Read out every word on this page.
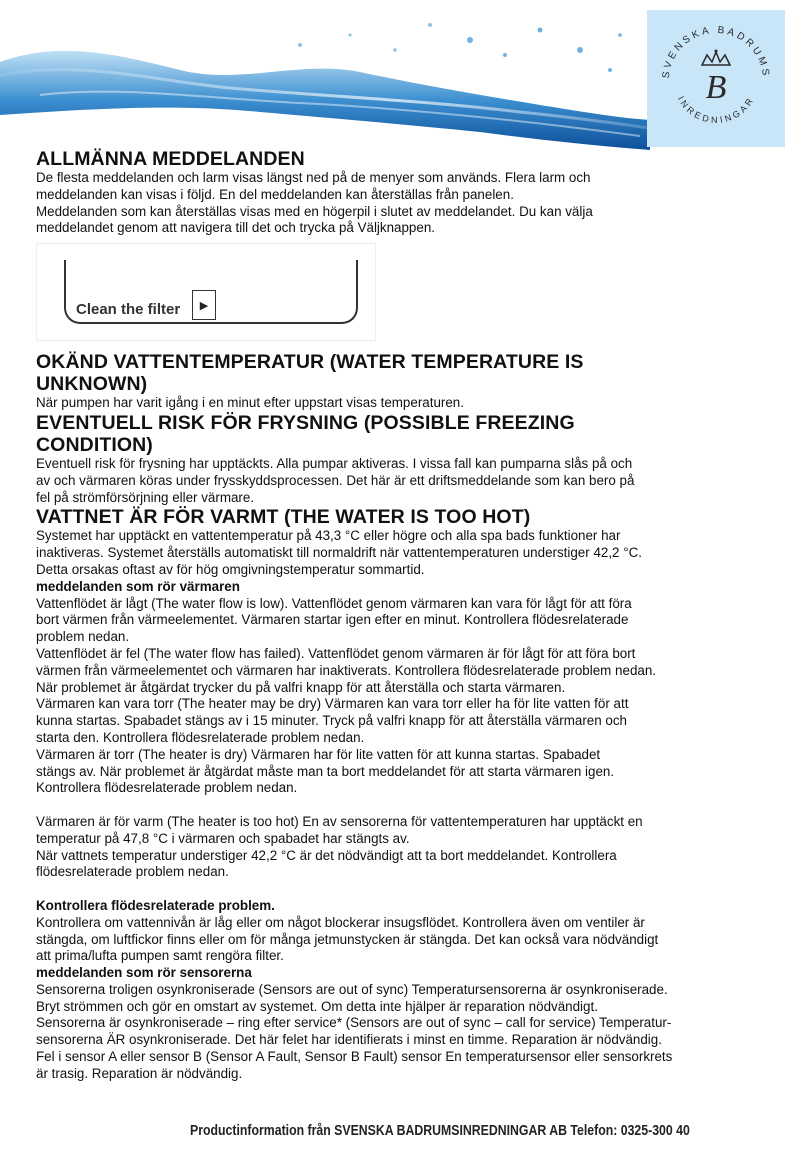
SVENSKA BADRUMS
INREDNINGAR
B
ALLMÄNNA MEDDELANDEN

De flesta meddelanden och larm visas längst ned på de menyer som används. Flera larm och

meddelanden kan visas i följd. En del meddelanden kan återställas från panelen.

Meddelanden som kan återställas visas med en högerpil i slutet av meddelandet. Du kan välja

meddelandet genom att navigera till det och trycka på Väljknappen.

Clean the filter	▶
OKÄND VATTENTEMPERATUR (WATER TEMPERATURE IS
UNKNOWN)

När pumpen har varit igång i en minut efter uppstart visas temperaturen.

EVENTUELL RISK FÖR FRYSNING (POSSIBLE FREEZING
CONDITION)

Eventuell risk för frysning har upptäckts. Alla pumpar aktiveras. I vissa fall kan pumparna slås på och

av och värmaren köras under frysskyddsprocessen. Det här är ett driftsmeddelande som kan bero på

fel på strömförsörjning eller värmare.

VATTNET ÄR FÖR VARMT (THE WATER IS TOO HOT)

Systemet har upptäckt en vattentemperatur på 43,3 °C eller högre och alla spa bads funktioner har

inaktiveras. Systemet återställs automatiskt till normaldrift när vattentemperaturen understiger 42,2 °C.

Detta orsakas oftast av för hög omgivningstemperatur sommartid.

meddelanden som rör värmaren

Vattenflödet är lågt (The water flow is low). Vattenflödet genom värmaren kan vara för lågt för att föra

bort värmen från värmeelementet. Värmaren startar igen efter en minut. Kontrollera flödesrelaterade

problem nedan.

Vattenflödet är fel (The water flow has failed). Vattenflödet genom värmaren är för lågt för att föra bort

värmen från värmeelementet och värmaren har inaktiverats. Kontrollera flödesrelaterade problem nedan.

När problemet är åtgärdat trycker du på valfri knapp för att återställa och starta värmaren.

Värmaren kan vara torr (The heater may be dry) Värmaren kan vara torr eller ha för lite vatten för att

kunna startas. Spabadet stängs av i 15 minuter. Tryck på valfri knapp för att återställa värmaren och

starta den. Kontrollera flödesrelaterade problem nedan.

Värmaren är torr (The heater is dry) Värmaren har för lite vatten för att kunna startas. Spabadet

stängs av. När problemet är åtgärdat måste man ta bort meddelandet för att starta värmaren igen.

Kontrollera flödesrelaterade problem nedan.

Värmaren är för varm (The heater is too hot) En av sensorerna för vattentemperaturen har upptäckt en

temperatur på 47,8 °C i värmaren och spabadet har stängts av.

När vattnets temperatur understiger 42,2 °C är det nödvändigt att ta bort meddelandet. Kontrollera

flödesrelaterade problem nedan.

Kontrollera flödesrelaterade problem.

Kontrollera om vattennivån är låg eller om något blockerar insugsflödet. Kontrollera även om ventiler är

stängda, om luftfickor finns eller om för många jetmunstycken är stängda. Det kan också vara nödvändigt

att prima/lufta pumpen samt rengöra filter.

meddelanden som rör sensorerna

Sensorerna troligen osynkroniserade (Sensors are out of sync) Temperatursensorerna är osynkroniserade.

Bryt strömmen och gör en omstart av systemet. Om detta inte hjälper är reparation nödvändigt.

Sensorerna är osynkroniserade – ring efter service* (Sensors are out of sync – call for service) Temperatur-

sensorerna ÄR osynkroniserade. Det här felet har identifierats i minst en timme. Reparation är nödvändig.

Fel i sensor A eller sensor B (Sensor A Fault, Sensor B Fault) sensor En temperatursensor eller sensorkrets

är trasig. Reparation är nödvändig.

Productinformation från SVENSKA BADRUMSINREDNINGAR AB Telefon: 0325-300 40
